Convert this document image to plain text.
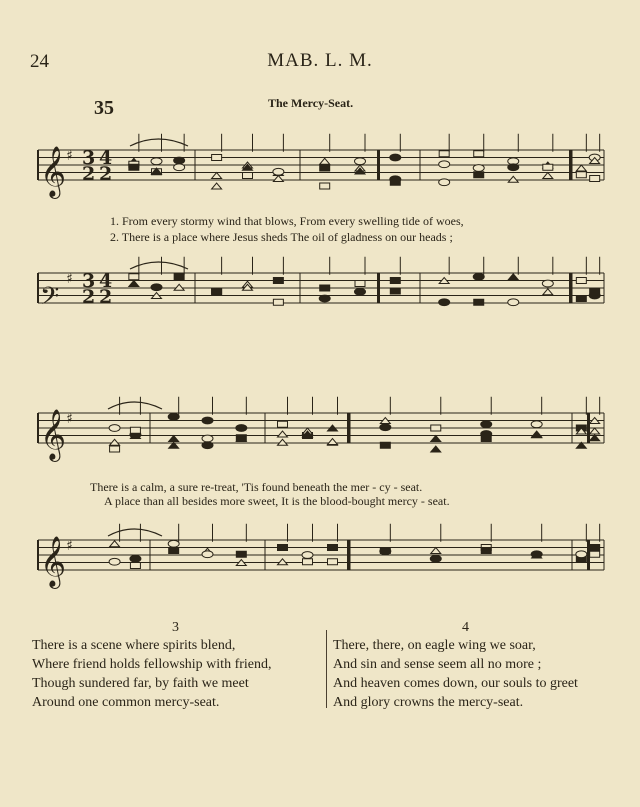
24	MAB. L. M.
35	The Mercy-Seat.
𝄞 ♯ 3 4
2 2
𝄢
♯ 3 4
2 2
𝄞 ♯
𝄞 ♯
1. From every stormy wind that blows, From every swelling tide of woes,
2. There is a place where Jesus sheds The oil of gladness on our heads ;
There is a calm, a sure re-treat, 'Tis found beneath the mer - cy - seat.
A place than all besides more sweet, It is the blood-bought mercy - seat.
3
There is a scene where spirits blend,
Where friend holds fellowship with friend,
Though sundered far, by faith we meet
Around one common mercy-seat.
4
There, there, on eagle wing we soar,
And sin and sense seem all no more ;
And heaven comes down, our souls to greet
And glory crowns the mercy-seat.
